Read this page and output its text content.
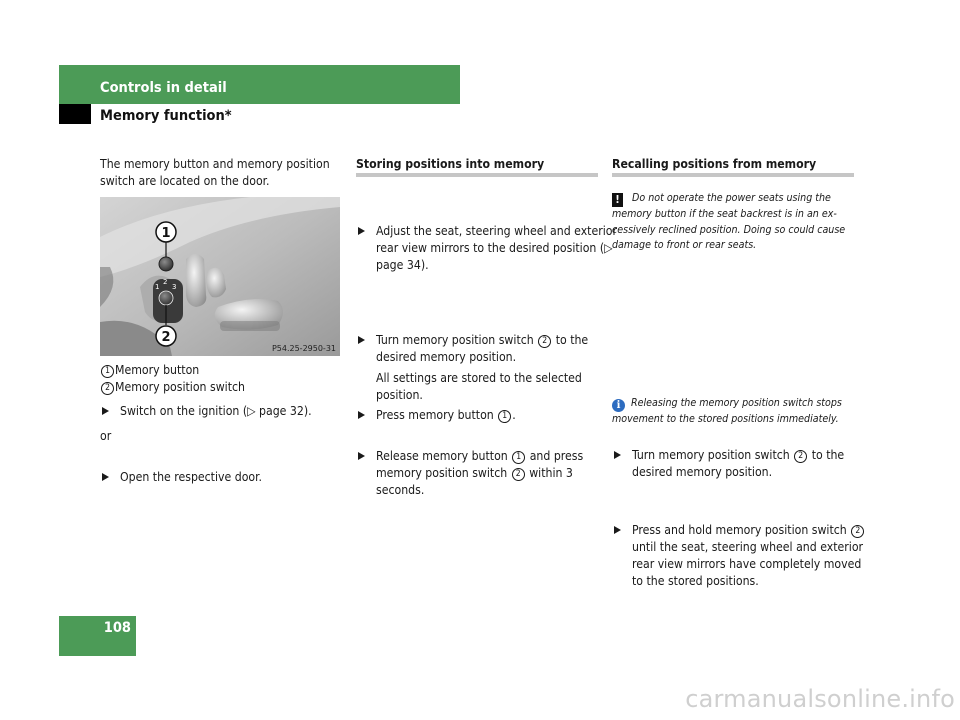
Controls in detail
Memory function*
The memory button and memory position switch are located on the door.
1
2
3
1
2
P54.25-2950-31
1 Memory button
2 Memory position switch
Switch on the ignition (▷ page 32).
or
Open the respective door.
Storing positions into memory
Adjust the seat, steering wheel and exterior rear view mirrors to the desired position (▷ page 34).
Turn memory position switch 2 to the desired memory position.
Press memory button 1 .
Release memory button 1 and press memory position switch 2 within 3 seconds.
All settings are stored to the selected position.
Recalling positions from memory
! Do not operate the power seats using the memory button if the seat backrest is in an ex-cessively reclined position. Doing so could cause damage to front or rear seats.
Turn memory position switch 2 to the desired memory position.
Press and hold memory position switch 2 until the seat, steering wheel and exterior rear view mirrors have completely moved to the stored positions.
i Releasing the memory position switch stops movement to the stored positions immediately.
108
carmanualsonline.info
